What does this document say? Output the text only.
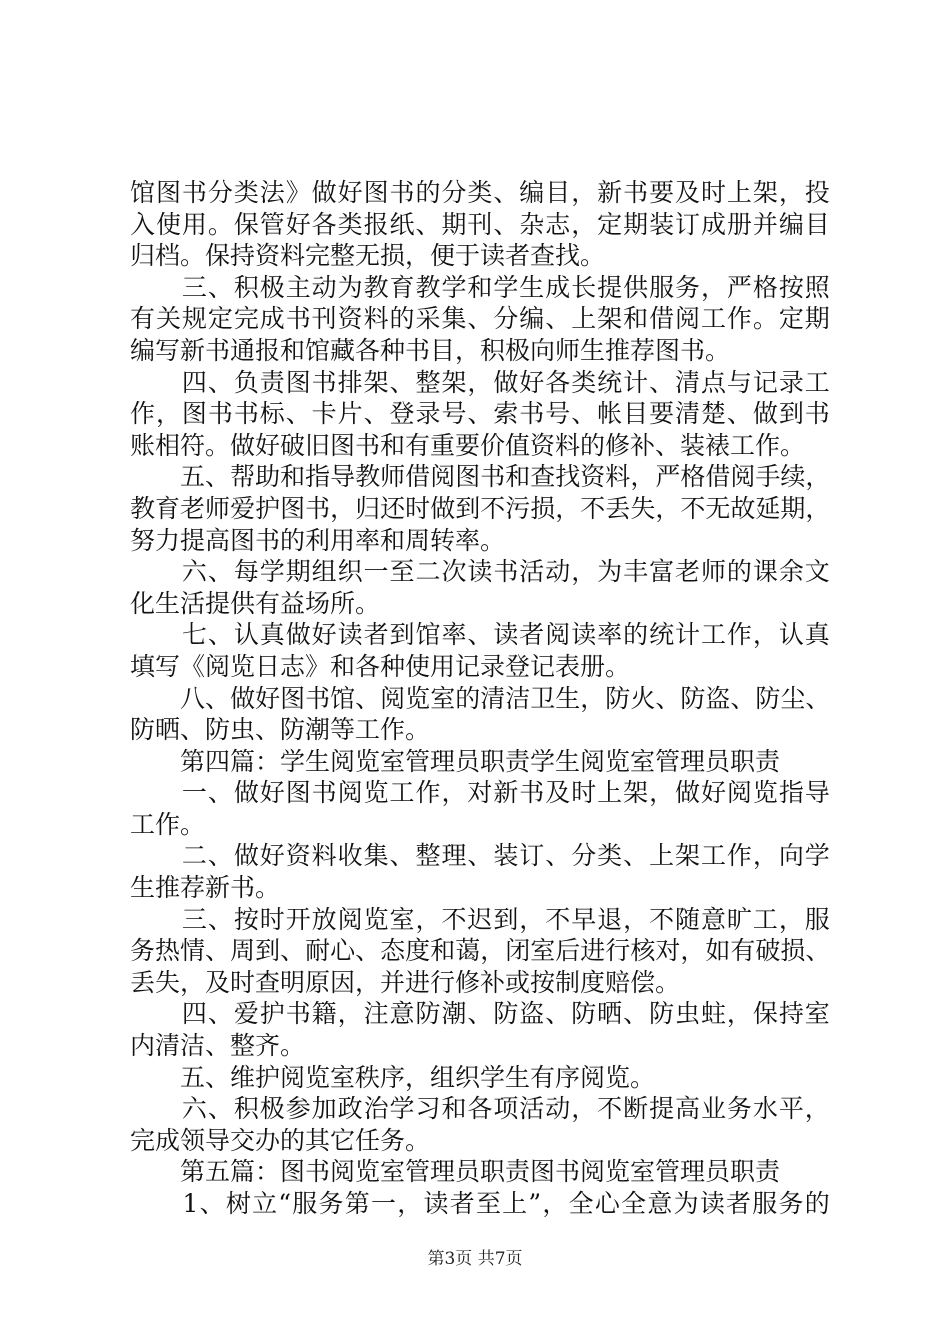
馆 图 书 分 类 法 》 做 好 图 书 的 分 类 、 编 目 ， 新 书 要 及 时 上 架 ， 投
入 使 用 。 保 管 好 各 类 报 纸 、 期 刊 、 杂 志 ， 定 期 装 订 成 册 并 编 目
归档。保持资料完整无损，便于读者查找。

三 、 积 极 主 动 为 教 育 教 学 和 学 生 成 长 提 供 服 务 ， 严 格 按 照
有 关 规 定 完 成 书 刊 资 料 的 采 集 、 分 编 、 上 架 和 借 阅 工 作 。 定 期
编写新书通报和馆藏各种书目，积极向师生推荐图书。

四 、 负 责 图 书 排 架 、 整 架 ， 做 好 各 类 统 计 、 清 点 与 记 录 工
作 ， 图 书 书 标 、 卡 片 、 登 录 号 、 索 书 号 、 帐 目 要 清 楚 、 做 到 书
账相符。做好破旧图书和有重要价值资料的修补、装裱工作。

五 、 帮 助 和 指 导 教 师 借 阅 图 书 和 查 找 资 料 ， 严 格 借 阅 手 续 ，
教 育 老 师 爱 护 图 书 ， 归 还 时 做 到 不 污 损 ， 不 丢 失 ， 不 无 故 延 期 ，
努力提高图书的利用率和周转率。

六 、 每 学 期 组 织 一 至 二 次 读 书 活 动 ， 为 丰 富 老 师 的 课 余 文
化生活提供有益场所。

七 、 认 真 做 好 读 者 到 馆 率 、 读 者 阅 读 率 的 统 计 工 作 ， 认 真
填写《阅览日志》和各种使用记录登记表册。

八 、 做 好 图 书 馆 、 阅 览 室 的 清 洁 卫 生 ， 防 火 、 防 盗 、 防 尘 、
防晒、防虫、防潮等工作。
　　第四篇：学生阅览室管理员职责学生阅览室管理员职责

一 、 做 好 图 书 阅 览 工 作 ， 对 新 书 及 时 上 架 ， 做 好 阅 览 指 导
工作。

二 、 做 好 资 料 收 集 、 整 理 、 装 订 、 分 类 、 上 架 工 作 ， 向 学
生推荐新书。

三 、 按 时 开 放 阅 览 室 ， 不 迟 到 ， 不 早 退 ， 不 随 意 旷 工 ， 服
务 热 情 、 周 到 、 耐 心 、 态 度 和 蔼 ， 闭 室 后 进 行 核 对 ， 如 有 破 损 、
丢失，及时查明原因，并进行修补或按制度赔偿。

四 、 爱 护 书 籍 ， 注 意 防 潮 、 防 盗 、 防 晒 、 防 虫 蛀 ， 保 持 室
内清洁、整齐。
　　五、维护阅览室秩序，组织学生有序阅览。

六 、 积 极 参 加 政 治 学 习 和 各 项 活 动 ， 不 断 提 高 业 务 水 平 ，
完成领导交办的其它任务。
　　第五篇：图书阅览室管理员职责图书阅览室管理员职责

1 、 树 立 “ 服 务 第 一 ， 读 者 至 上 ” ， 全 心 全 意 为 读 者 服 务 的
第3页 共7页
